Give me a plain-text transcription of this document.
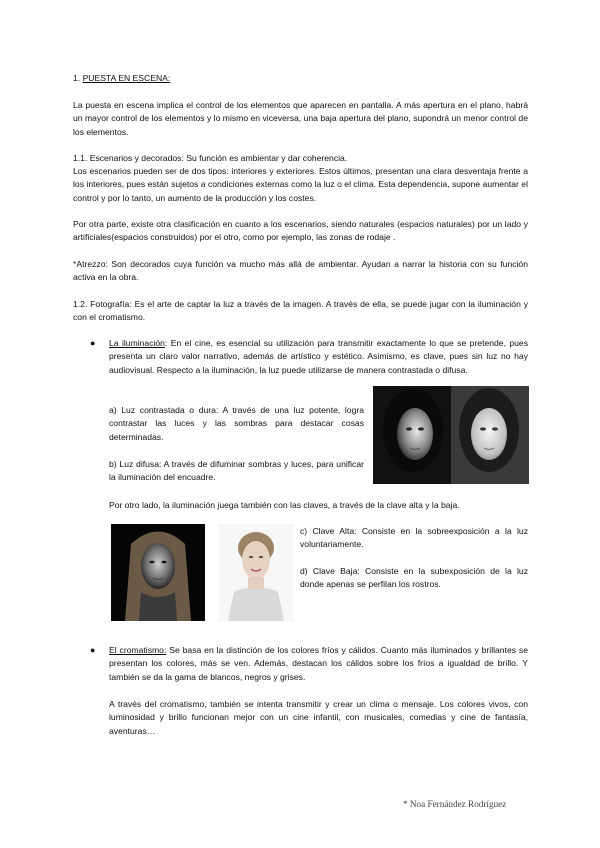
1. PUESTA EN ESCENA:

La puesta en escena implica el control de los elementos que aparecen en pantalla. A más apertura en el plano, habrá un mayor control de los elementos y lo mismo en viceversa, una baja apertura del plano, supondrá un menor control de los elementos.

1.1. Escenarios y decorados: Su función es ambientar y dar coherencia.

Los escenarios pueden ser de dos tipos: interiores y exteriores. Estos últimos, presentan una clara desventaja frente a los interiores, pues están sujetos a condiciones externas como la luz o el clima. Esta dependencia, supone aumentar el control y por lo tanto, un aumento de la producción y los costes.

Por otra parte, existe otra clasificación en cuanto a los escenarios, siendo naturales (espacios naturales) por un lado y artificiales(espacios construidos) por el otro, como por ejemplo, las zonas de rodaje .

*Atrezzo: Son decorados cuya función va mucho más allá de ambientar. Ayudan a narrar la historia con su función activa en la obra.

1.2. Fotografía: Es el arte de captar la luz a través de la imagen. A través de ella, se puede jugar con la iluminación y con el cromatismo.

● La iluminación: En el cine, es esencial su utilización para transmitir exactamente lo que se pretende, pues presenta un claro valor narrativo, además de artístico y estético. Asimismo, es clave, pues sin luz no hay audiovisual. Respecto a la iluminación, la luz puede utilizarse de manera contrastada o difusa.

a) Luz contrastada o dura: A través de una luz potente, logra contrastar las luces y las sombras para destacar cosas determinadas.

b) Luz difusa: A través de difuminar sombras y luces, para unificar la iluminación del encuadre.

Por otro lado, la iluminación juega también con las claves, a través de la clave alta y la baja.

c) Clave Alta: Consiste en la sobreexposición a la luz voluntariamente.

d) Clave Baja: Consiste en la subexposición de la luz donde apenas se perfilan los rostros.

● El cromatismo: Se basa en la distinción de los colores fríos y cálidos. Cuanto más iluminados y brillantes se presentan los colores, más se ven. Además, destacan los cálidos sobre los fríos a igualdad de brillo. Y también se da la gama de blancos, negros y grises.

A través del cromatismo, también se intenta transmitir y crear un clima o mensaje. Los colores vivos, con luminosidad y brillo funcionan mejor con un cine infantil, con musicales, comedias y cine de fantasía, aventuras…

* Noa Fernández Rodríguez
